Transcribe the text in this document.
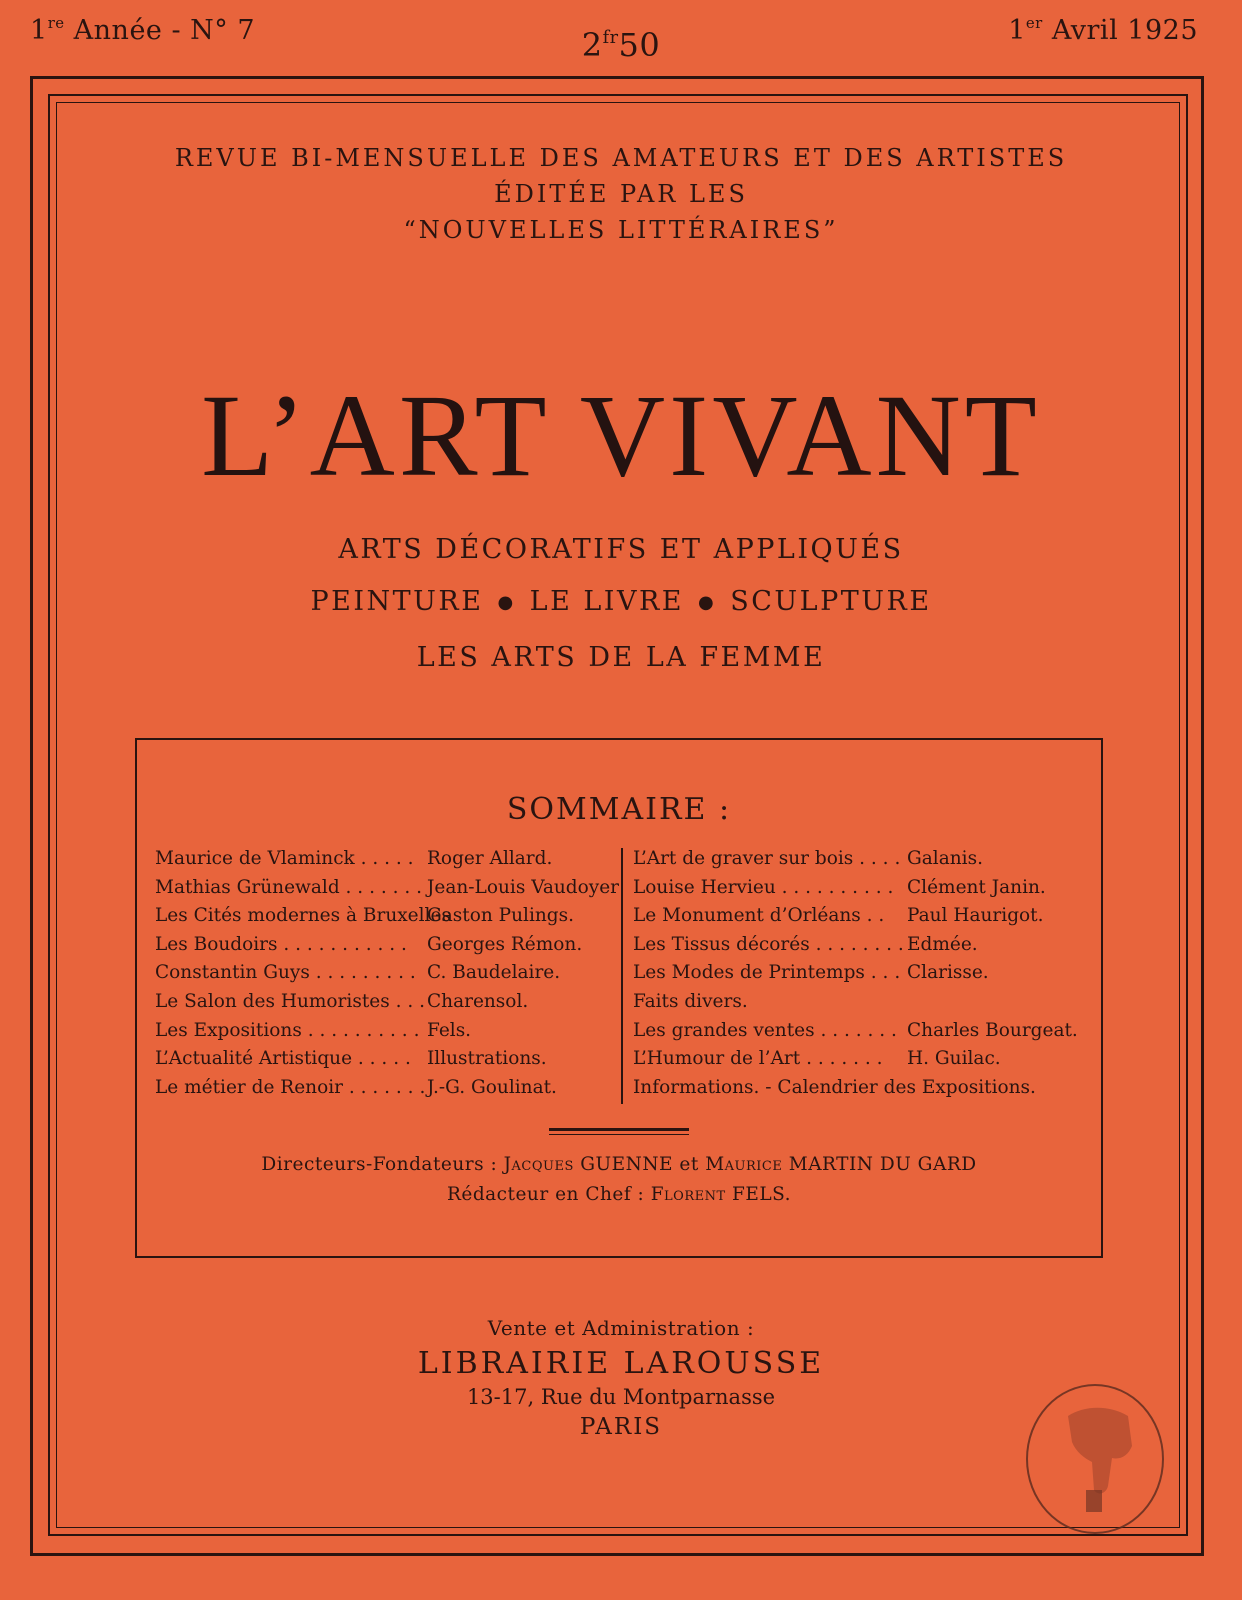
1re Année - N° 7	$2^{fr}50$	1er Avril 1925
REVUE BI-MENSUELLE DES AMATEURS ET DES ARTISTES
ÉDITÉE PAR LES
“NOUVELLES LITTÉRAIRES”
L’ART VIVANT
ARTS DÉCORATIFS ET APPLIQUÉS
PEINTURE ● LE LIVRE ● SCULPTURE
LES ARTS DE LA FEMME
SOMMAIRE :
Maurice de Vlaminck . . . . . Roger Allard.
Mathias Grünewald . . . . . . . Jean-Louis Vaudoyer
Les Cités modernes à Bruxelles
Gaston Pulings.
Les Boudoirs . . . . . . . . . . . Georges Rémon.
Constantin Guys . . . . . . . . . C. Baudelaire.
Le Salon des Humoristes . . . Charensol.
Les Expositions . . . . . . . . . . Fels.
L’Actualité Artistique . . . . . Illustrations.
Le métier de Renoir . . . . . . . J.-G. Goulinat.
L’Art de graver sur bois . . . . Galanis.
Louise Hervieu . . . . . . . . . . Clément Janin.
Le Monument d’Orléans . . Paul Haurigot.
Les Tissus décorés . . . . . . . . Edmée.
Les Modes de Printemps . . . Clarisse.
Faits divers.
Les grandes ventes . . . . . . . Charles Bourgeat.
L’Humour de l’Art . . . . . . . H. Guilac.
Informations. - Calendrier des Expositions.
Directeurs-Fondateurs : Jacques GUENNE et Maurice MARTIN DU GARD
Rédacteur en Chef : Florent FELS.
Vente et Administration :
LIBRAIRIE LAROUSSE
13-17, Rue du Montparnasse
PARIS
